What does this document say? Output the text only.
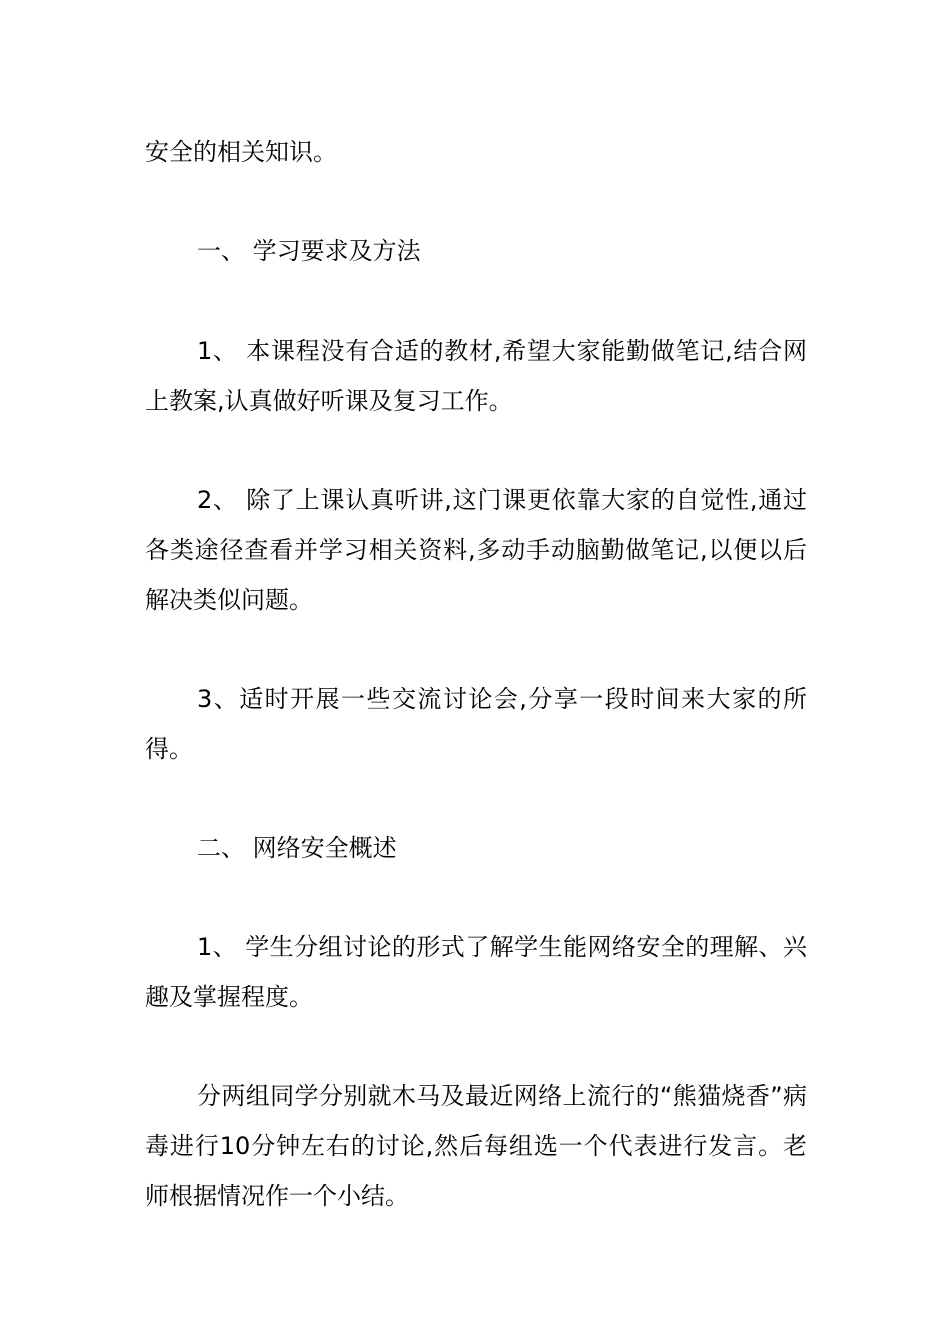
安全的相关知识。

一、 学习要求及方法

1、 本课程没有合适的教材,希望大家能勤做笔记,结合网上教案,认真做好听课及复习工作。

2、 除了上课认真听讲,这门课更依靠大家的自觉性,通过各类途径查看并学习相关资料,多动手动脑勤做笔记,以便以后解决类似问题。

3、适时开展一些交流讨论会,分享一段时间来大家的所得。

二、 网络安全概述

1、 学生分组讨论的形式了解学生能网络安全的理解、兴趣及掌握程度。

分两组同学分别就木马及最近网络上流行的“熊猫烧香”病毒进行10分钟左右的讨论,然后每组选一个代表进行发言。老师根据情况作一个小结。
